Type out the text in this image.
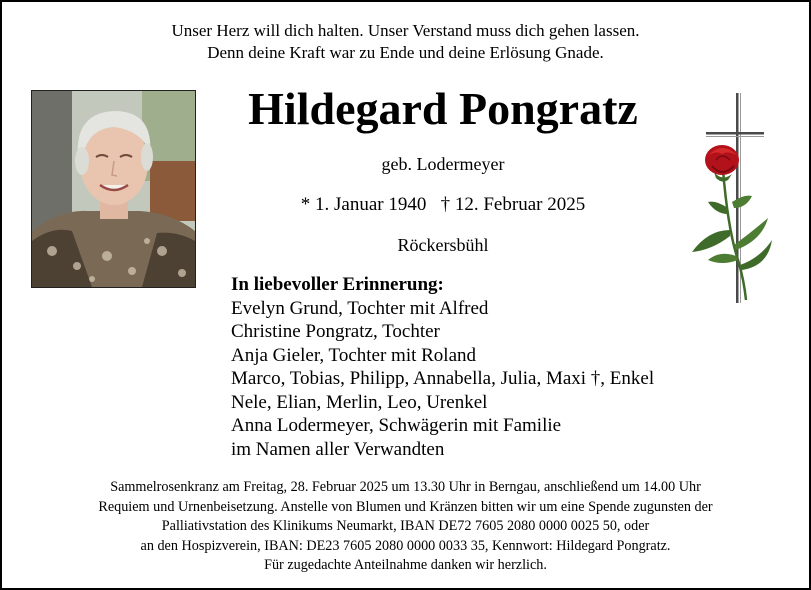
Unser Herz will dich halten. Unser Verstand muss dich gehen lassen.
Denn deine Kraft war zu Ende und deine Erlösung Gnade.
Hildegard Pongratz
geb. Lodermeyer
* 1. Januar 1940   † 12. Februar 2025
Röckersbühl
In liebevoller Erinnerung:
Evelyn Grund, Tochter mit Alfred
Christine Pongratz, Tochter
Anja Gieler, Tochter mit Roland
Marco, Tobias, Philipp, Annabella, Julia, Maxi †, Enkel
Nele, Elian, Merlin, Leo, Urenkel
Anna Lodermeyer, Schwägerin mit Familie
im Namen aller Verwandten
Sammelrosenkranz am Freitag, 28. Februar 2025 um 13.30 Uhr in Berngau, anschließend um 14.00 Uhr
Requiem und Urnenbeisetzung. Anstelle von Blumen und Kränzen bitten wir um eine Spende zugunsten der
Palliativstation des Klinikums Neumarkt, IBAN DE72 7605 2080 0000 0025 50, oder
an den Hospizverein, IBAN: DE23 7605 2080 0000 0033 35, Kennwort: Hildegard Pongratz.
Für zugedachte Anteilnahme danken wir herzlich.
